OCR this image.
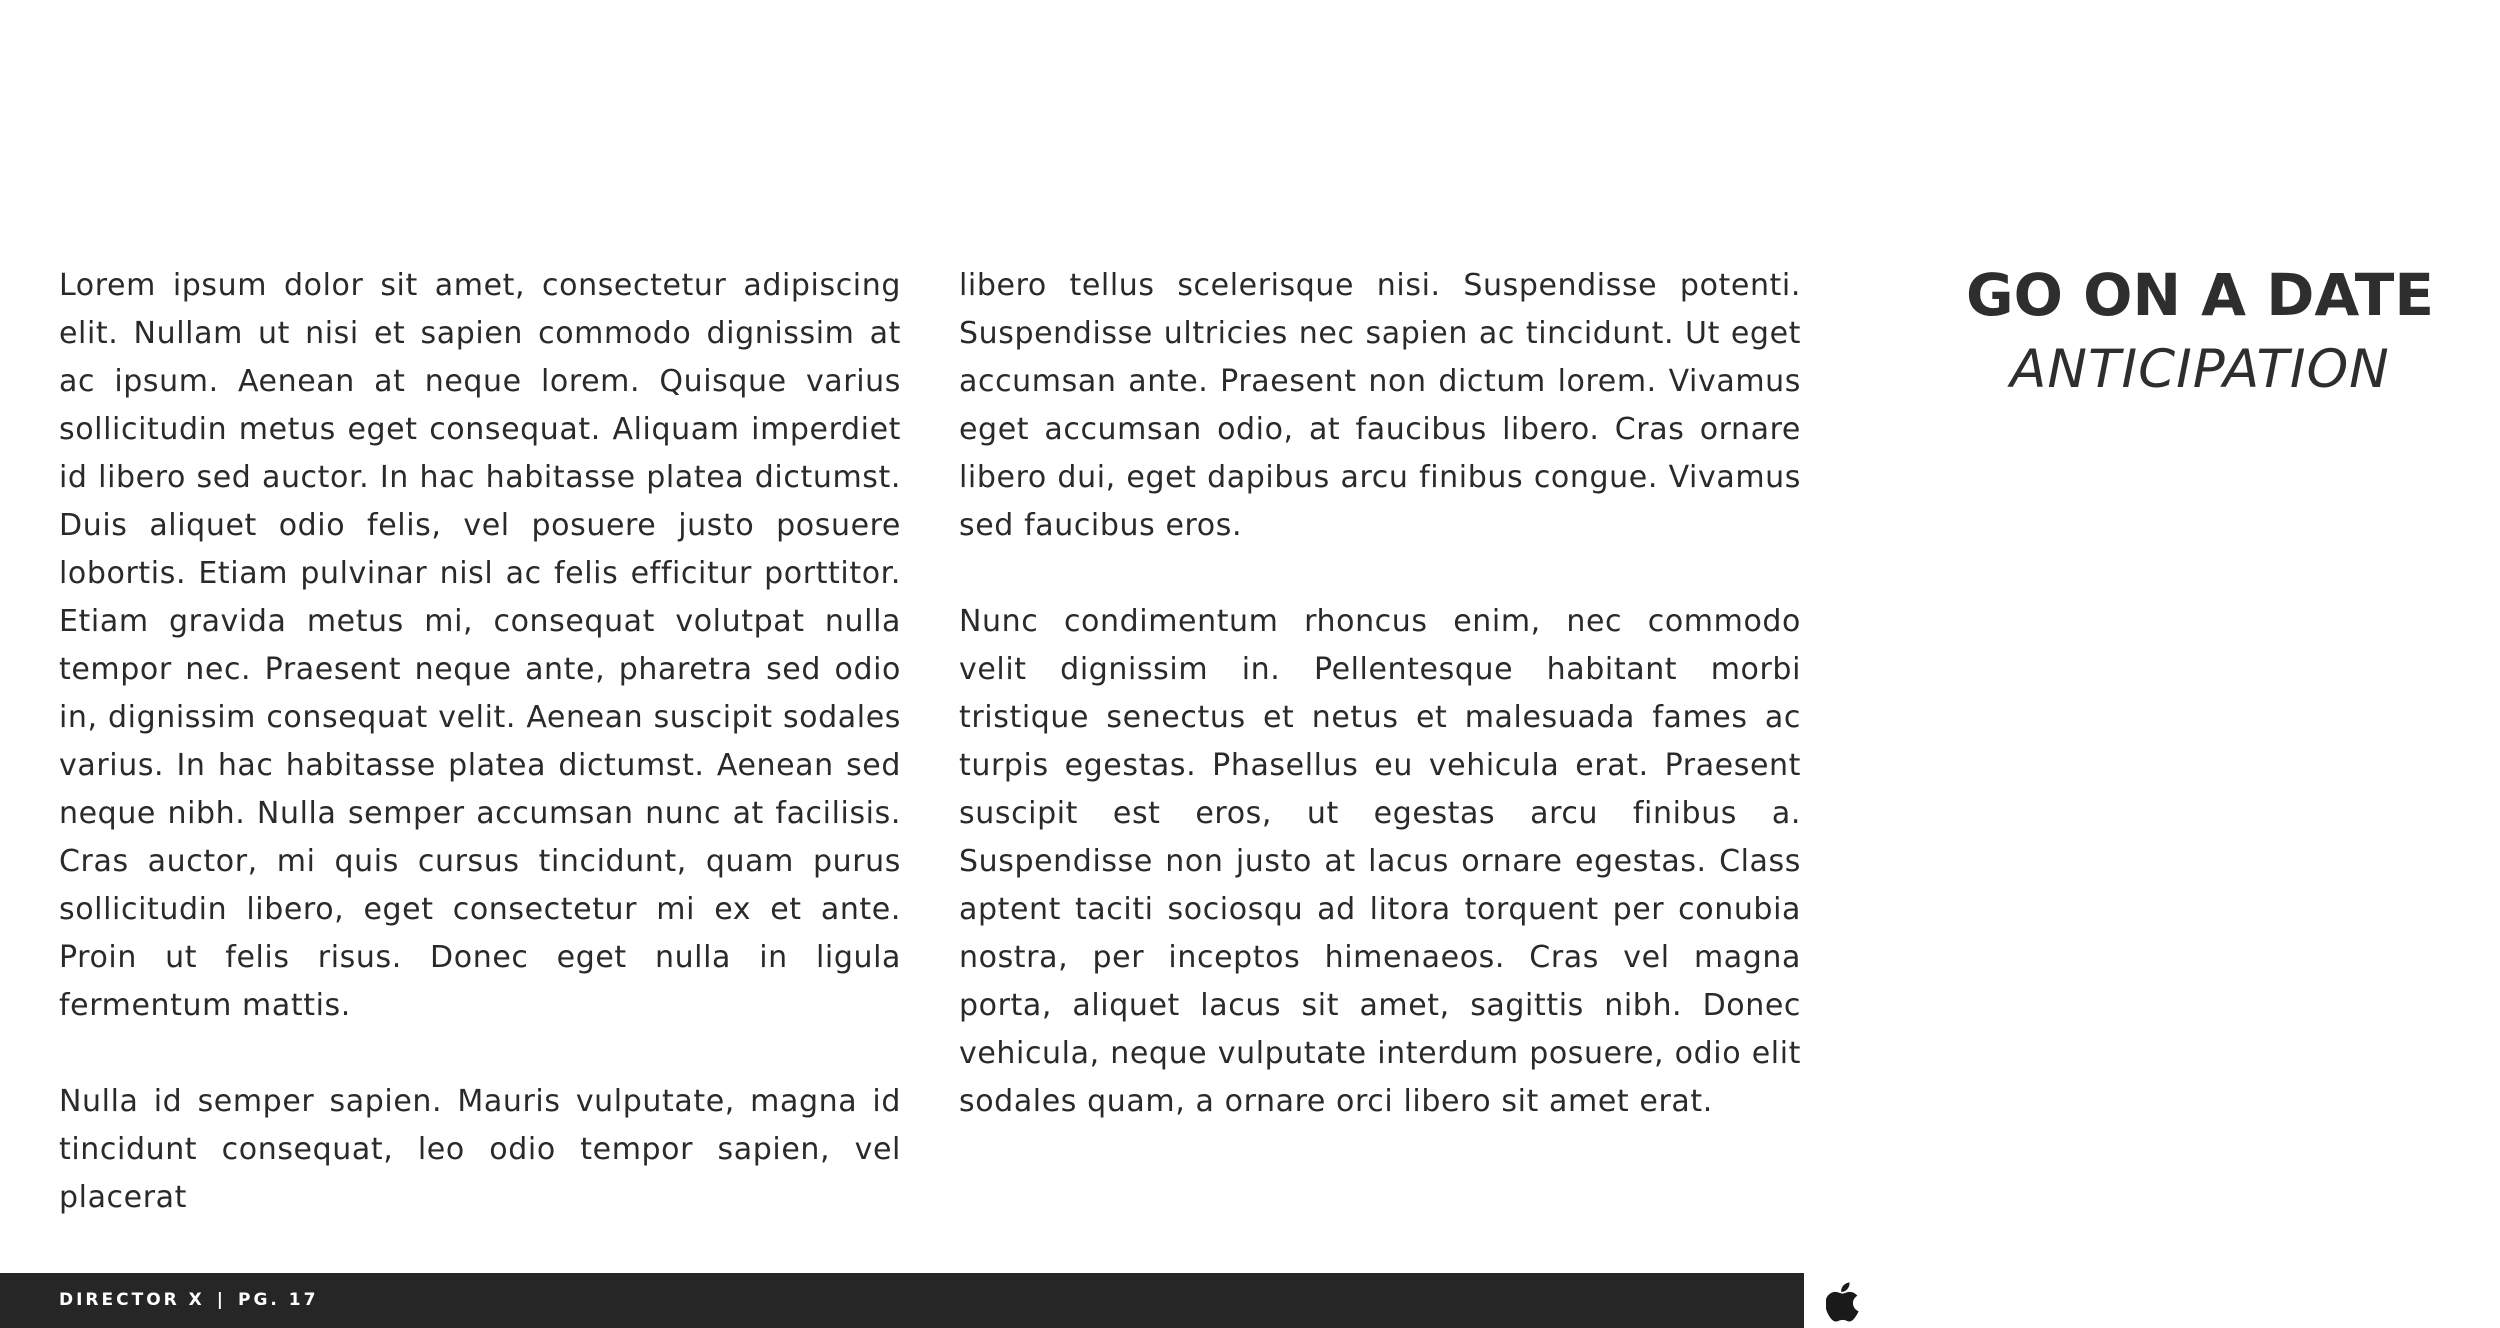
Lorem ipsum dolor sit amet, consectetur adipiscing elit. Nullam ut nisi et sapien commodo dignissim at ac ipsum. Aenean at neque lorem. Quisque varius sollicitudin metus eget consequat. Aliquam imperdiet id libero sed auctor. In hac habitasse platea dictumst. Duis aliquet odio felis, vel posuere justo posuere lobortis. Etiam pulvinar nisl ac felis efficitur porttitor. Etiam gravida metus mi, consequat volutpat nulla tempor nec. Praesent neque ante, pharetra sed odio in, dignissim consequat velit. Aenean suscipit sodales varius. In hac habitasse platea dictumst. Aenean sed neque nibh. Nulla semper accumsan nunc at facilisis. Cras auctor, mi quis cursus tincidunt, quam purus sollicitudin libero, eget consectetur mi ex et ante. Proin ut felis risus. Donec eget nulla in ligula fermentum mattis.

Nulla id semper sapien. Mauris vulputate, magna id tincidunt consequat, leo odio tempor sapien, vel placerat

libero tellus scelerisque nisi. Suspendisse potenti. Suspendisse ultricies nec sapien ac tincidunt. Ut eget accumsan ante. Praesent non dictum lorem. Vivamus eget accumsan odio, at faucibus libero. Cras ornare libero dui, eget dapibus arcu finibus congue. Vivamus sed faucibus eros.

Nunc condimentum rhoncus enim, nec commodo velit dignissim in. Pellentesque habitant morbi tristique senectus et netus et malesuada fames ac turpis egestas. Phasellus eu vehicula erat. Praesent suscipit est eros, ut egestas arcu finibus a. Suspendisse non justo at lacus ornare egestas. Class aptent taciti sociosqu ad litora torquent per conubia nostra, per inceptos himenaeos. Cras vel magna porta, aliquet lacus sit amet, sagittis nibh. Donec vehicula, neque vulputate interdum posuere, odio elit sodales quam, a ornare orci libero sit amet erat.

GO ON A DATE
ANTICIPATION
DIRECTOR X | PG. 17
